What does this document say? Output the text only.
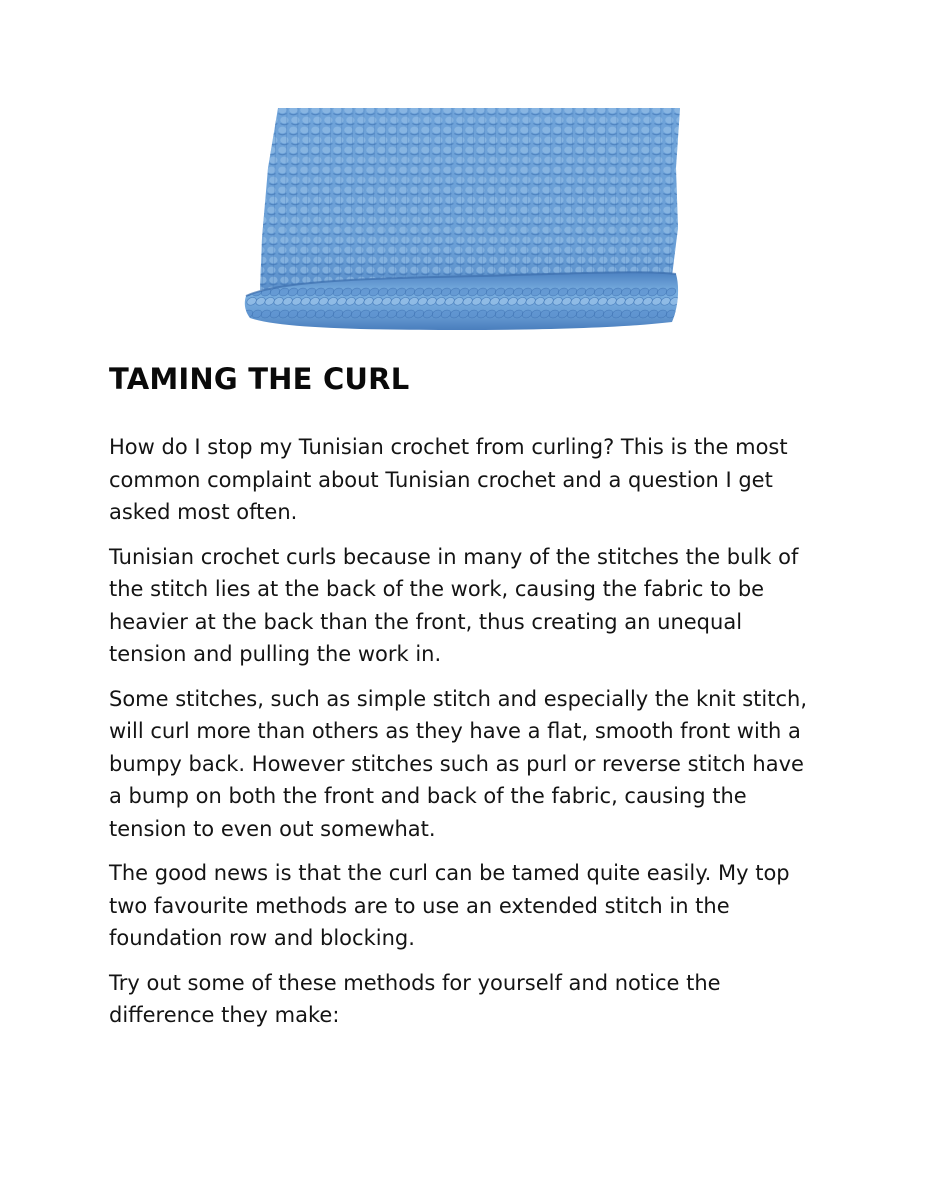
TAMING THE CURL

How do I stop my Tunisian crochet from curling? This is the most common complaint about Tunisian crochet and a question I get asked most often.

Tunisian crochet curls because in many of the stitches the bulk of the stitch lies at the back of the work, causing the fabric to be heavier at the back than the front, thus creating an unequal tension and pulling the work in.

Some stitches, such as simple stitch and especially the knit stitch, will curl more than others as they have a flat, smooth front with a bumpy back. However stitches such as purl or reverse stitch have a bump on both the front and back of the fabric, causing the tension to even out somewhat.

The good news is that the curl can be tamed quite easily. My top two favourite methods are to use an extended stitch in the foundation row and blocking.

Try out some of these methods for yourself and notice the difference they make:
